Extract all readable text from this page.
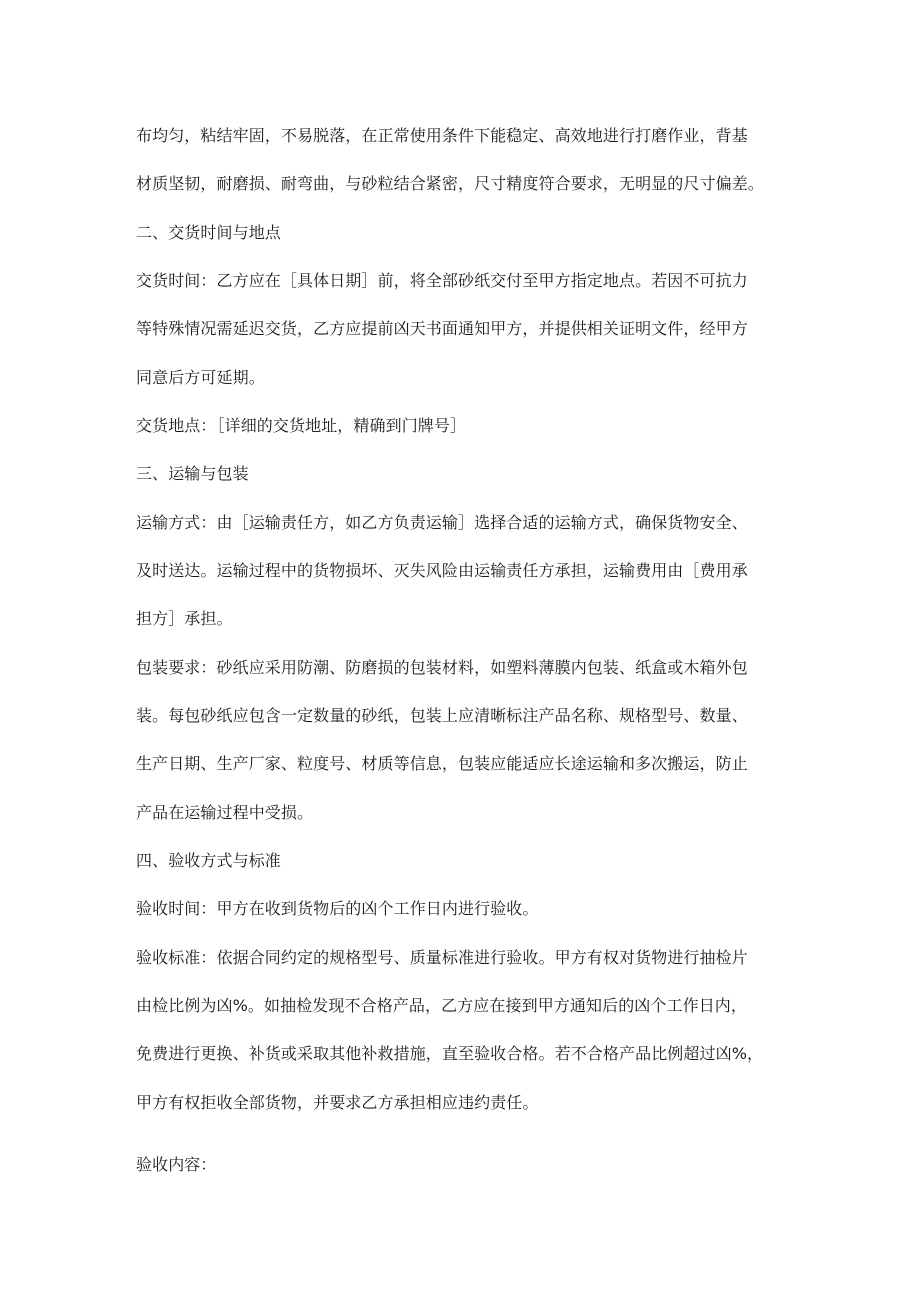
布均匀，粘结牢固，不易脱落，在正常使用条件下能稳定、高效地进行打磨作业，背基
材质坚韧，耐磨损、耐弯曲，与砂粒结合紧密，尺寸精度符合要求，无明显的尺寸偏差。
二、交货时间与地点
交货时间：乙方应在［具体日期］前，将全部砂纸交付至甲方指定地点。若因不可抗力
等特殊情况需延迟交货，乙方应提前凶天书面通知甲方，并提供相关证明文件，经甲方
同意后方可延期。
交货地点：［详细的交货地址，精确到门牌号］
三、运输与包装
运输方式：由［运输责任方，如乙方负责运输］选择合适的运输方式，确保货物安全、
及时送达。运输过程中的货物损坏、灭失风险由运输责任方承担，运输费用由［费用承
担方］承担。
包装要求：砂纸应采用防潮、防磨损的包装材料，如塑料薄膜内包装、纸盒或木箱外包
装。每包砂纸应包含一定数量的砂纸，包装上应清晰标注产品名称、规格型号、数量、
生产日期、生产厂家、粒度号、材质等信息，包装应能适应长途运输和多次搬运，防止
产品在运输过程中受损。
四、验收方式与标准
验收时间：甲方在收到货物后的凶个工作日内进行验收。
验收标准：依据合同约定的规格型号、质量标准进行验收。甲方有权对货物进行抽检片
由检比例为凶%。如抽检发现不合格产品，乙方应在接到甲方通知后的凶个工作日内，
免费进行更换、补货或采取其他补救措施，直至验收合格。若不合格产品比例超过凶%，
甲方有权拒收全部货物，并要求乙方承担相应违约责任。
验收内容：
